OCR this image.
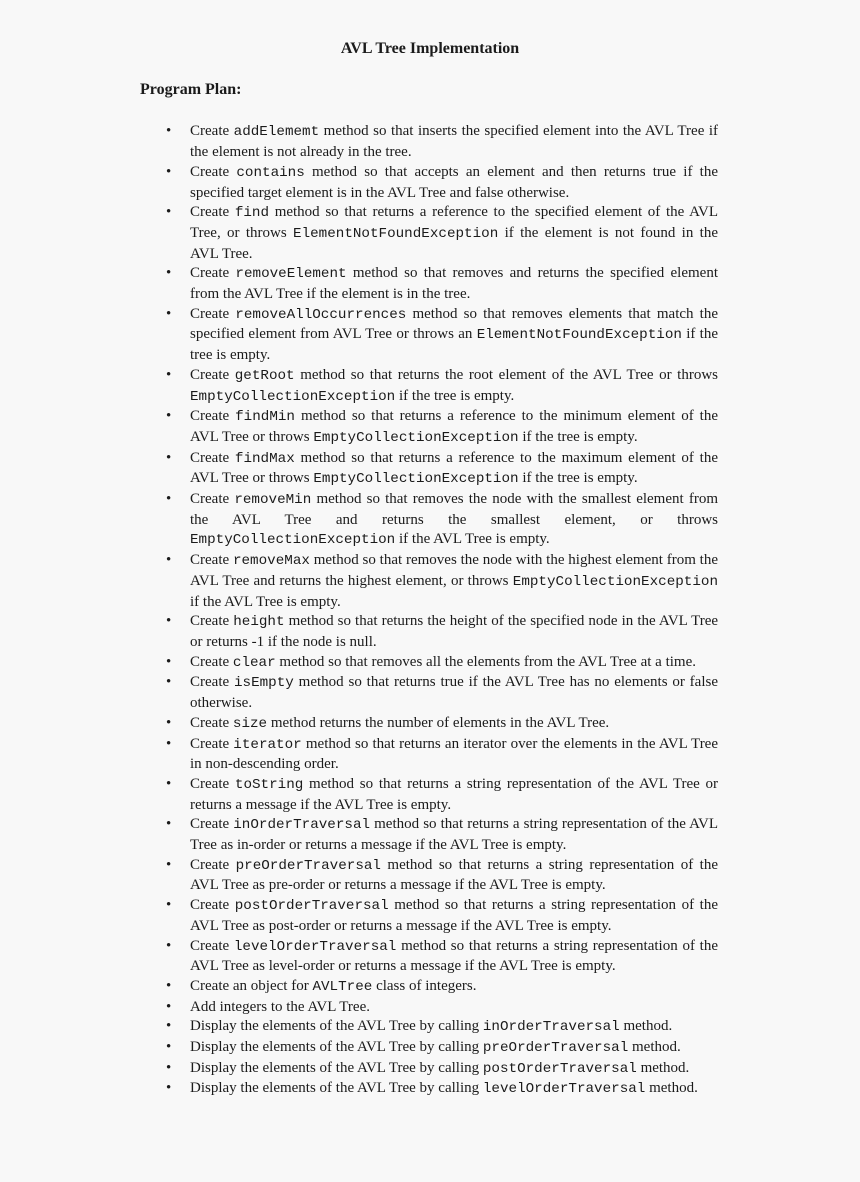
AVL Tree Implementation
Program Plan:
• Create addElememt method so that inserts the specified element into the AVL Tree if the element is not already in the tree.
• Create contains method so that accepts an element and then returns true if the specified target element is in the AVL Tree and false otherwise.
• Create find method so that returns a reference to the specified element of the AVL Tree, or throws ElementNotFoundException if the element is not found in the AVL Tree.
• Create removeElement method so that removes and returns the specified element from the AVL Tree if the element is in the tree.
• Create removeAllOccurrences method so that removes elements that match the specified element from AVL Tree or throws an ElementNotFoundException if the tree is empty.
• Create getRoot method so that returns the root element of the AVL Tree or throws EmptyCollectionException if the tree is empty.
• Create findMin method so that returns a reference to the minimum element of the AVL Tree or throws EmptyCollectionException if the tree is empty.
• Create findMax method so that returns a reference to the maximum element of the AVL Tree or throws EmptyCollectionException if the tree is empty.
• Create removeMin method so that removes the node with the smallest element from the AVL Tree and returns the smallest element, or throws EmptyCollectionException if the AVL Tree is empty.
• Create removeMax method so that removes the node with the highest element from the AVL Tree and returns the highest element, or throws EmptyCollectionException if the AVL Tree is empty.
• Create height method so that returns the height of the specified node in the AVL Tree or returns -1 if the node is null.
• Create clear method so that removes all the elements from the AVL Tree at a time.
• Create isEmpty method so that returns true if the AVL Tree has no elements or false otherwise.
• Create size method returns the number of elements in the AVL Tree.
• Create iterator method so that returns an iterator over the elements in the AVL Tree in non-descending order.
• Create toString method so that returns a string representation of the AVL Tree or returns a message if the AVL Tree is empty.
• Create inOrderTraversal method so that returns a string representation of the AVL Tree as in-order or returns a message if the AVL Tree is empty.
• Create preOrderTraversal method so that returns a string representation of the AVL Tree as pre-order or returns a message if the AVL Tree is empty.
• Create postOrderTraversal method so that returns a string representation of the AVL Tree as post-order or returns a message if the AVL Tree is empty.
• Create levelOrderTraversal method so that returns a string representation of the AVL Tree as level-order or returns a message if the AVL Tree is empty.
• Create an object for AVLTree class of integers.
• Add integers to the AVL Tree.
• Display the elements of the AVL Tree by calling inOrderTraversal method.
• Display the elements of the AVL Tree by calling preOrderTraversal method.
• Display the elements of the AVL Tree by calling postOrderTraversal method.
• Display the elements of the AVL Tree by calling levelOrderTraversal method.
